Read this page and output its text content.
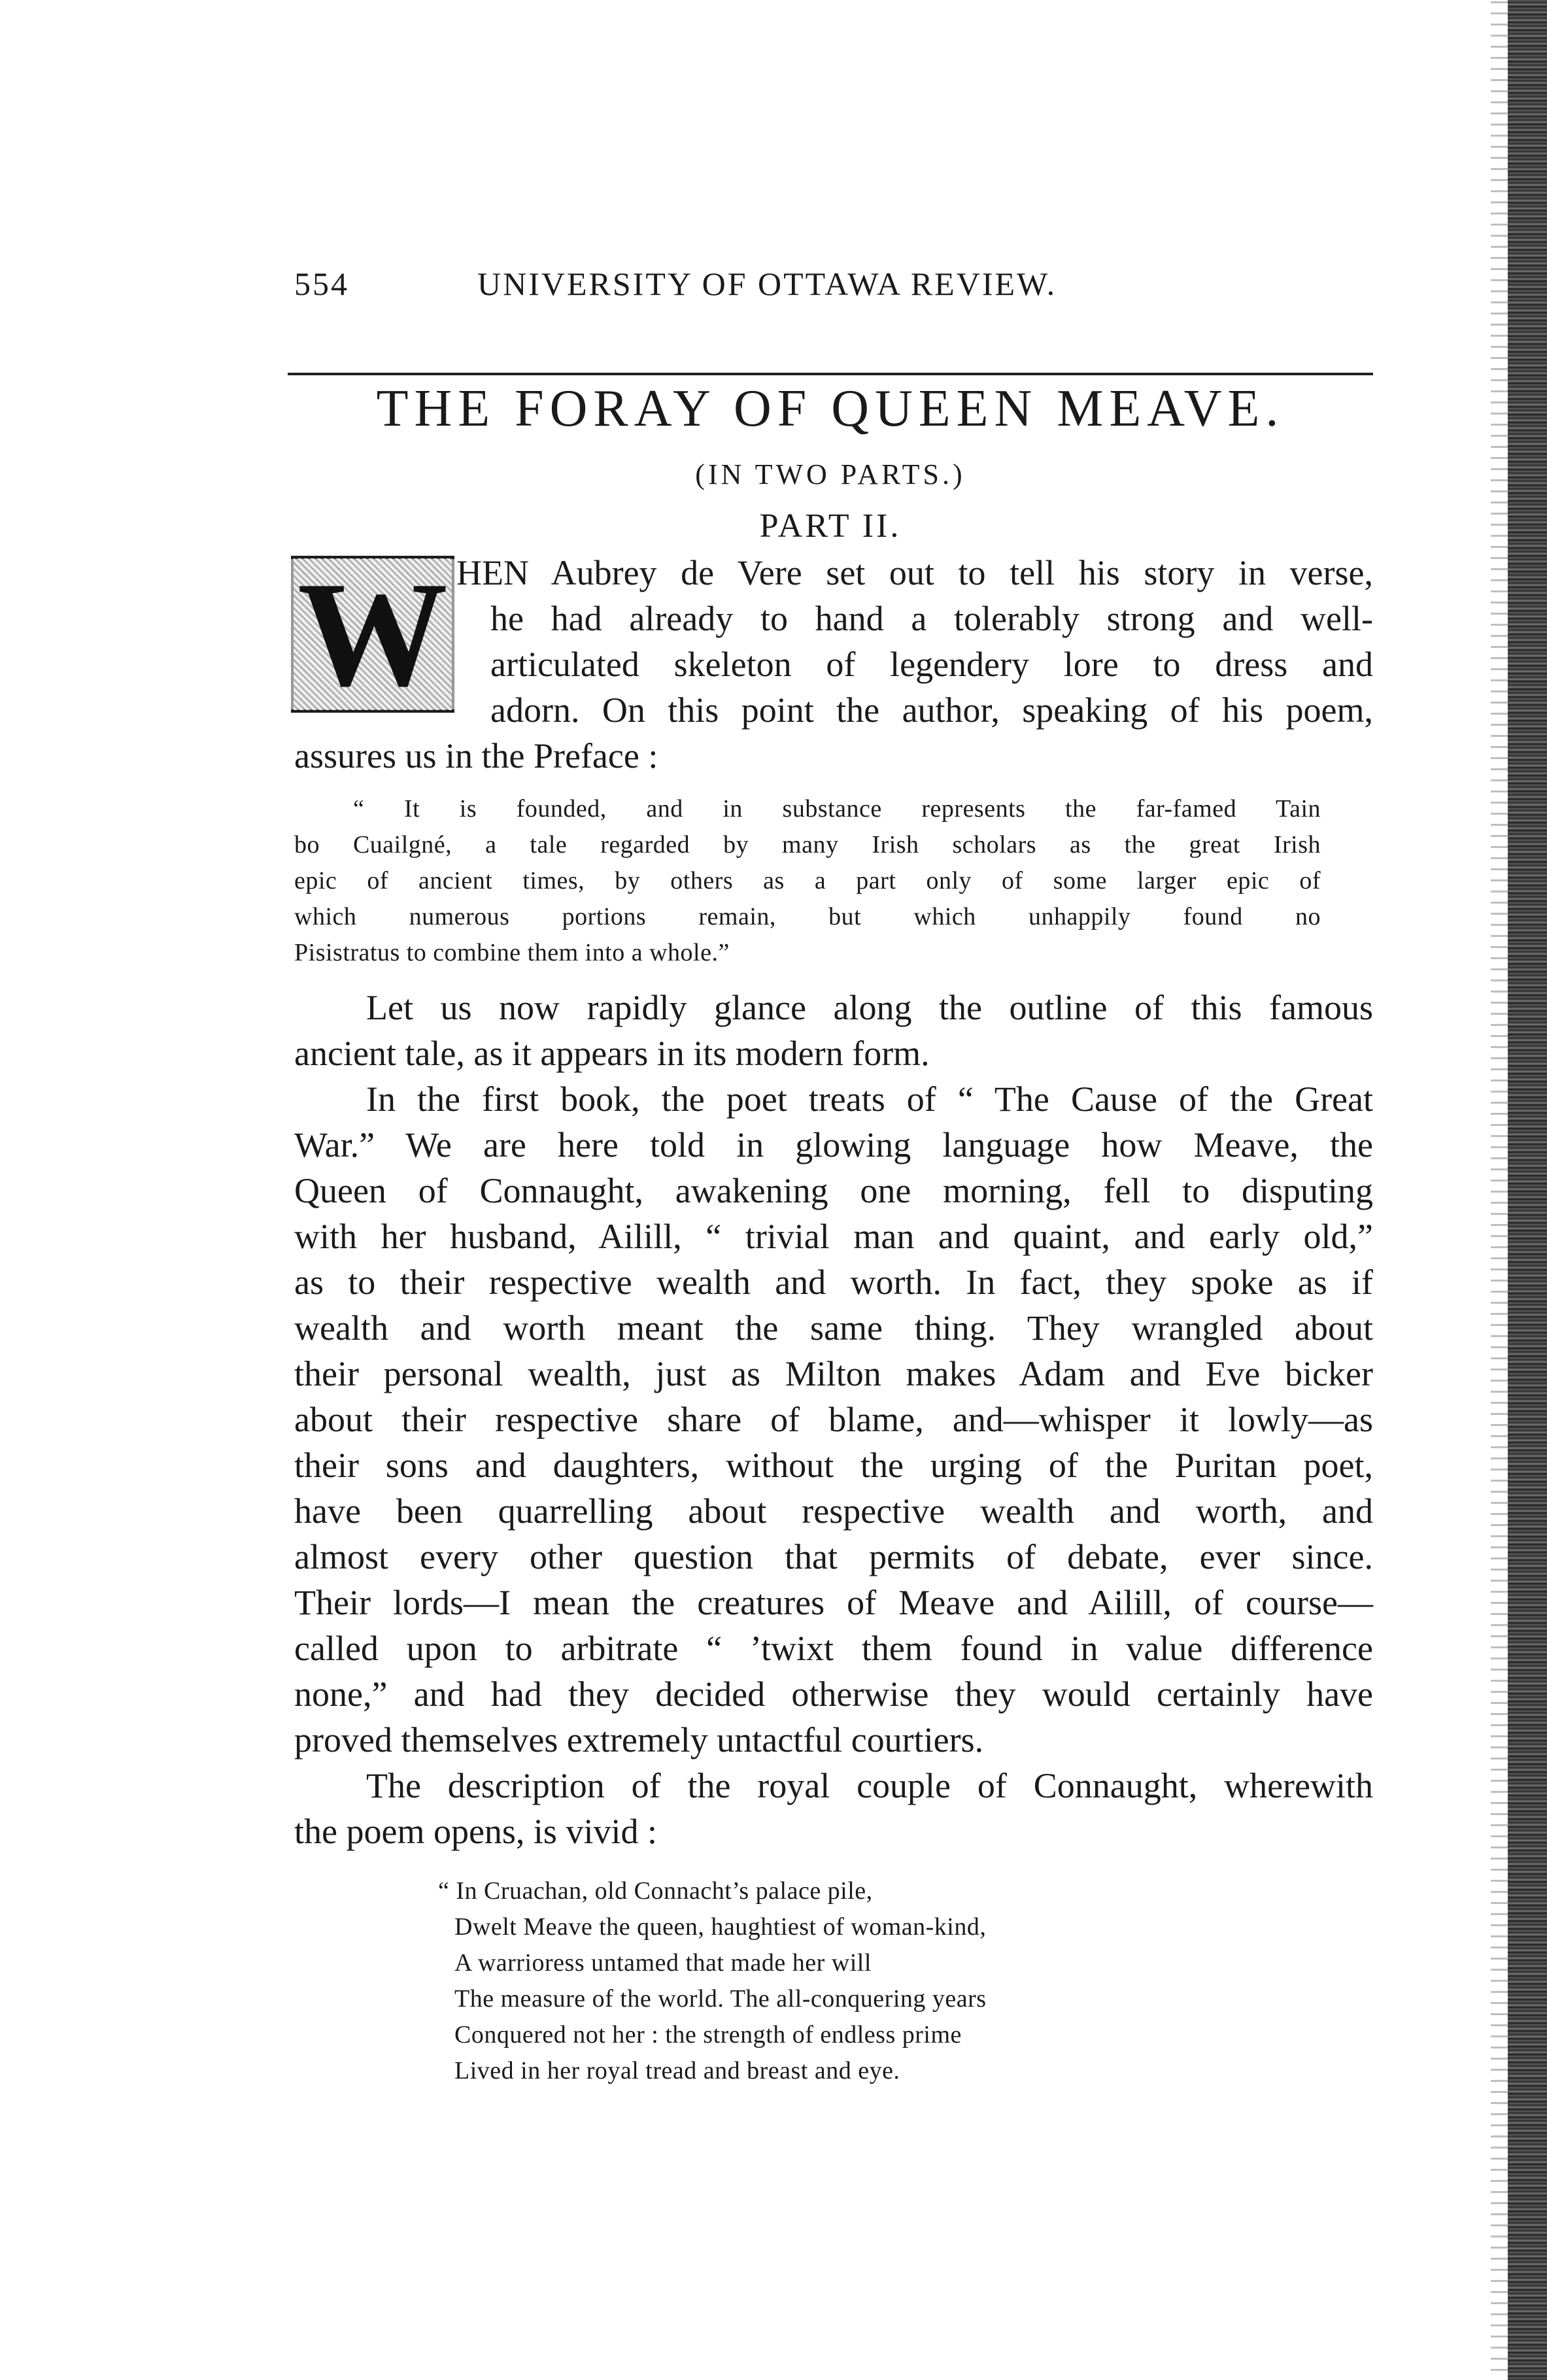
554	UNIVERSITY OF OTTAWA REVIEW.
THE FORAY OF QUEEN MEAVE.
(IN TWO PARTS.)
PART II.
W HEN Aubrey de Vere set out to tell his story in verse,
he had already to hand a tolerably strong and well-
articulated skeleton of legendery lore to dress and
adorn. On this point the author, speaking of his poem,
assures us in the Preface :
“ It is founded, and in substance represents the far-famed Tain
bo Cuailgné, a tale regarded by many Irish scholars as the great Irish
epic of ancient times, by others as a part only of some larger epic of
which numerous portions remain, but which unhappily found no
Pisistratus to combine them into a whole.”
Let us now rapidly glance along the outline of this famous
ancient tale, as it appears in its modern form.
In the first book, the poet treats of “ The Cause of the Great
War.” We are here told in glowing language how Meave, the
Queen of Connaught, awakening one morning, fell to disputing
with her husband, Ailill, “ trivial man and quaint, and early old,”
as to their respective wealth and worth. In fact, they spoke as if
wealth and worth meant the same thing. They wrangled about
their personal wealth, just as Milton makes Adam and Eve bicker
about their respective share of blame, and—whisper it lowly—as
their sons and daughters, without the urging of the Puritan poet,
have been quarrelling about respective wealth and worth, and
almost every other question that permits of debate, ever since.
Their lords—I mean the creatures of Meave and Ailill, of course—
called upon to arbitrate “ ’twixt them found in value difference
none,” and had they decided otherwise they would certainly have
proved themselves extremely untactful courtiers.
The description of the royal couple of Connaught, wherewith
the poem opens, is vivid :
“ In Cruachan, old Connacht’s palace pile,
Dwelt Meave the queen, haughtiest of woman-kind,
A warrioress untamed that made her will
The measure of the world. The all-conquering years
Conquered not her : the strength of endless prime
Lived in her royal tread and breast and eye.
